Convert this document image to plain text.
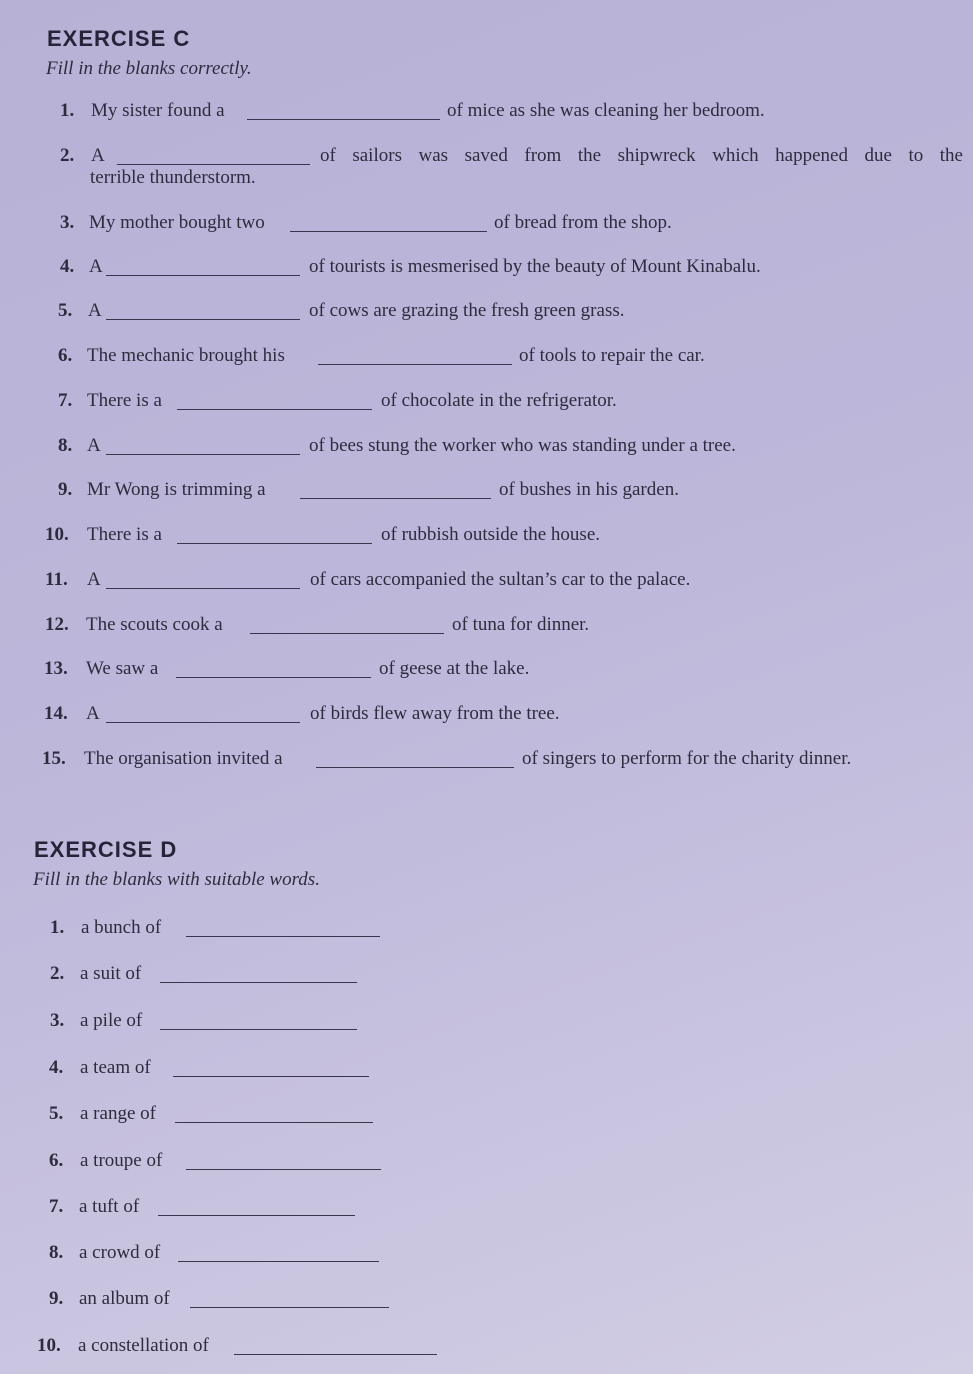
EXERCISE C
Fill in the blanks correctly.
1. My sister found a	of mice as she was cleaning her bedroom.
2. A	of sailors was saved from the shipwreck which happened due to the
terrible thunderstorm.
3. My mother bought two	of bread from the shop.
4. A	of tourists is mesmerised by the beauty of Mount Kinabalu.
5. A	of cows are grazing the fresh green grass.
6. The mechanic brought his	of tools to repair the car.
7. There is a	of chocolate in the refrigerator.
8. A	of bees stung the worker who was standing under a tree.
9. Mr Wong is trimming a	of bushes in his garden.
10. There is a	of rubbish outside the house.
11. A	of cars accompanied the sultan’s car to the palace.
12. The scouts cook a	of tuna for dinner.
13. We saw a	of geese at the lake.
14. A	of birds flew away from the tree.
15. The organisation invited a	of singers to perform for the charity dinner.
EXERCISE D
Fill in the blanks with suitable words.
1. a bunch of
2. a suit of
3. a pile of
4. a team of
5. a range of
6. a troupe of
7. a tuft of
8. a crowd of
9. an album of
10. a constellation of
